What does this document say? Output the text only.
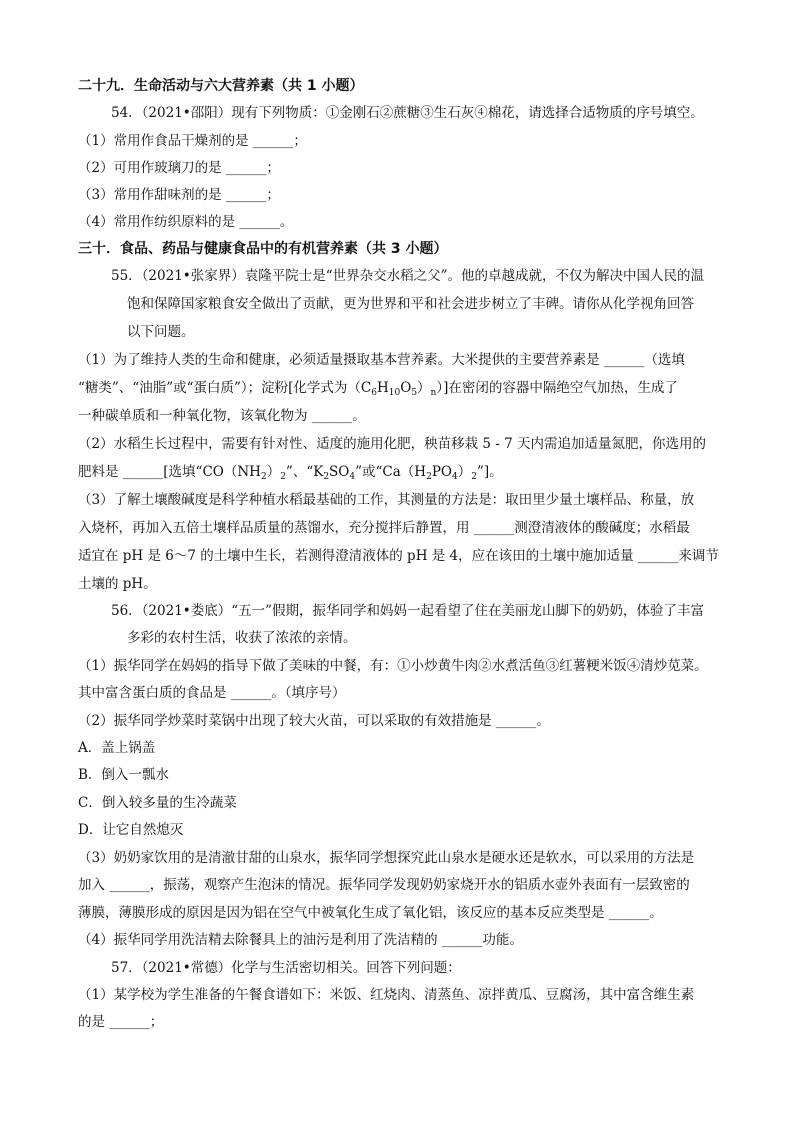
二十九．生命活动与六大营养素（共 1 小题）
54．（2021•邵阳）现有下列物质：①金刚石②蔗糖③生石灰④棉花，请选择合适物质的序号填空。
（1）常用作食品干燥剂的是 ______；
（2）可用作玻璃刀的是 ______；
（3）常用作甜味剂的是 ______；
（4）常用作纺织原料的是 ______。
三十．食品、药品与健康食品中的有机营养素（共 3 小题）
55．（2021•张家界）袁隆平院士是“世界杂交水稻之父”。他的卓越成就，不仅为解决中国人民的温
饱和保障国家粮食安全做出了贡献，更为世界和平和社会进步树立了丰碑。请你从化学视角回答
以下问题。
（1）为了维持人类的生命和健康，必须适量摄取基本营养素。大米提供的主要营养素是 ______（选填
“糖类”、“油脂”或“蛋白质”）；淀粉[化学式为$(C_6H_{10}O_5)_n$）]在密闭的容器中隔绝空气加热，生成了
一种碳单质和一种氧化物，该氧化物为 ______。
（2）水稻生长过程中，需要有针对性、适度的施用化肥，秧苗移栽 5 - 7 天内需追加适量氮肥，你选用的
肥料是 ______[选填“$CO(NH_2)_2$”、“$K_2SO_4$”或“$Ca(H_2PO_4)_2$”]。
（3）了解土壤酸碱度是科学种植水稻最基础的工作，其测量的方法是：取田里少量土壤样品、称量，放
入烧杯，再加入五倍土壤样品质量的蒸馏水，充分搅拌后静置，用 ______测澄清液体的酸碱度；水稻最
适宜在 pH 是 6～7 的土壤中生长，若测得澄清液体的 pH 是 4，应在该田的土壤中施加适量 ______来调节
土壤的 pH。
56．（2021•娄底）“五一”假期，振华同学和妈妈一起看望了住在美丽龙山脚下的奶奶，体验了丰富
多彩的农村生活，收获了浓浓的亲情。
（1）振华同学在妈妈的指导下做了美味的中餐，有：①小炒黄牛肉②水煮活鱼③红薯粳米饭④清炒苋菜。
其中富含蛋白质的食品是 ______。（填序号）
（2）振华同学炒菜时菜锅中出现了较大火苗，可以采取的有效措施是 ______。
A．盖上锅盖
B．倒入一瓢水
C．倒入较多量的生冷蔬菜
D．让它自然熄灭
（3）奶奶家饮用的是清澈甘甜的山泉水，振华同学想探究此山泉水是硬水还是软水，可以采用的方法是
加入 ______，振荡，观察产生泡沫的情况。振华同学发现奶奶家烧开水的铝质水壶外表面有一层致密的
薄膜，薄膜形成的原因是因为铝在空气中被氧化生成了氧化铝，该反应的基本反应类型是 ______。
（4）振华同学用洗洁精去除餐具上的油污是利用了洗洁精的 ______功能。
57．（2021•常德）化学与生活密切相关。回答下列问题：
（1）某学校为学生准备的午餐食谱如下：米饭、红烧肉、清蒸鱼、凉拌黄瓜、豆腐汤，其中富含维生素
的是 ______；
